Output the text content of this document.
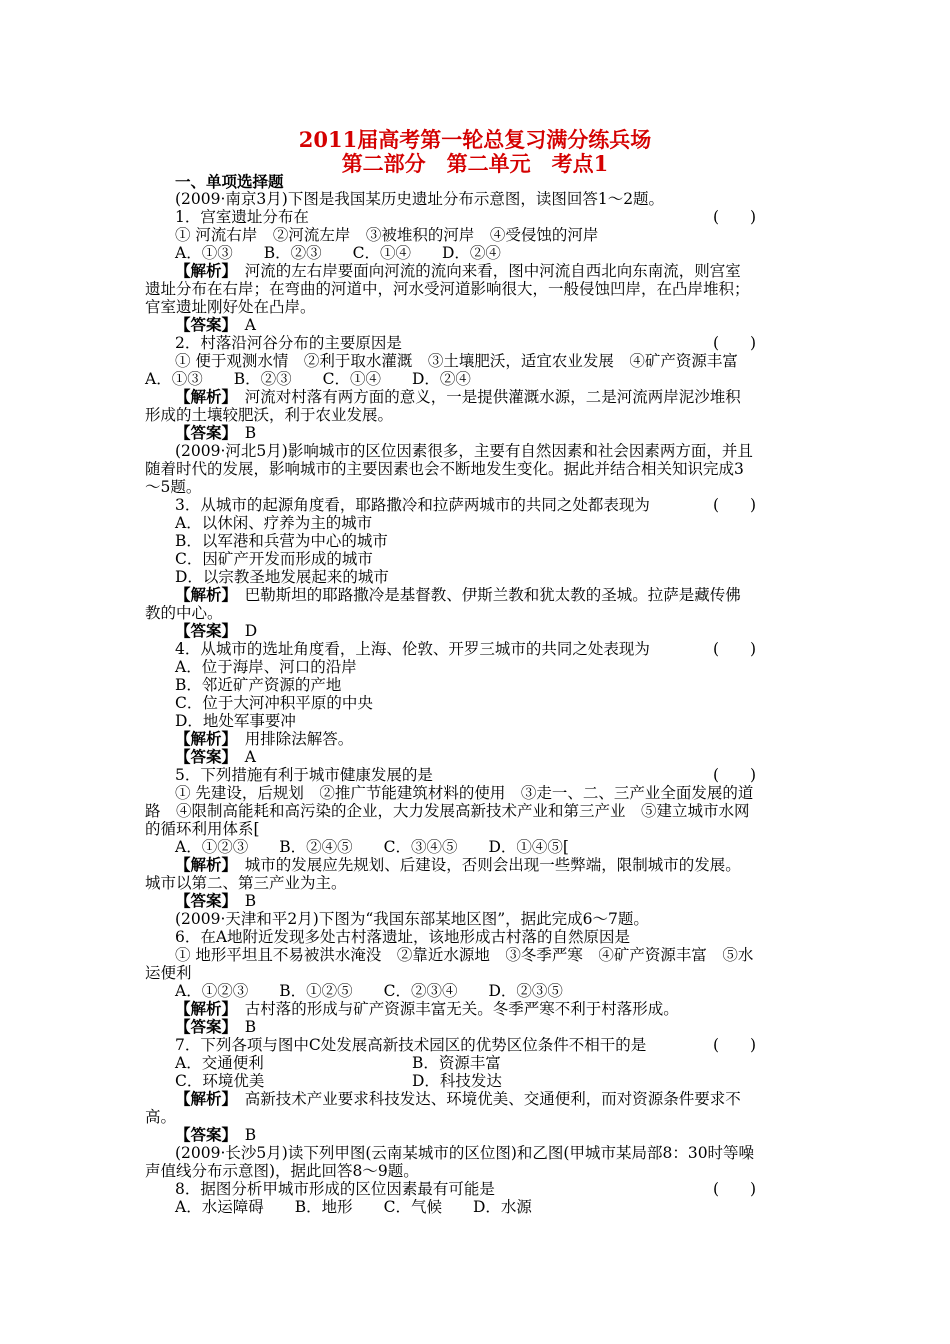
2011届高考第一轮总复习满分练兵场
第二部分　第二单元　考点1
一、单项选择题
(2009·南京3月)下图是我国某历史遗址分布示意图，读图回答1～2题。
1．宫室遗址分布在	(　　)
① 河流右岸　②河流左岸　③被堆积的河岸　④受侵蚀的河岸
A．①③　　B．②③　　C．①④　　D．②④
【解析】　河流的左右岸要面向河流的流向来看，图中河流自西北向东南流，则宫室
遗址分布在右岸；在弯曲的河道中，河水受河道影响很大，一般侵蚀凹岸，在凸岸堆积；
官室遗址刚好处在凸岸。
【答案】　A
2．村落沿河谷分布的主要原因是	(　　)
① 便于观测水情　②利于取水灌溉　③土壤肥沃，适宜农业发展　④矿产资源丰富
A．①③　　B．②③　　C．①④　　D．②④
【解析】　河流对村落有两方面的意义，一是提供灌溉水源，二是河流两岸泥沙堆积
形成的土壤较肥沃，利于农业发展。
【答案】　B
(2009·河北5月)影响城市的区位因素很多，主要有自然因素和社会因素两方面，并且
随着时代的发展，影响城市的主要因素也会不断地发生变化。据此并结合相关知识完成3
～5题。
3．从城市的起源角度看，耶路撒冷和拉萨两城市的共同之处都表现为	(　　)
A．以休闲、疗养为主的城市
B．以军港和兵营为中心的城市
C．因矿产开发而形成的城市
D．以宗教圣地发展起来的城市
【解析】　巴勒斯坦的耶路撒冷是基督教、伊斯兰教和犹太教的圣城。拉萨是藏传佛
教的中心。
【答案】　D
4．从城市的选址角度看，上海、伦敦、开罗三城市的共同之处表现为	(　　)
A．位于海岸、河口的沿岸
B．邻近矿产资源的产地
C．位于大河冲积平原的中央
D．地处军事要冲
【解析】　用排除法解答。
【答案】　A
5．下列措施有利于城市健康发展的是	(　　)
① 先建设，后规划　②推广节能建筑材料的使用　③走一、二、三产业全面发展的道
路　④限制高能耗和高污染的企业，大力发展高新技术产业和第三产业　⑤建立城市水网
的循环利用体系[
A．①②③　　B．②④⑤　　C．③④⑤　　D．①④⑤[
【解析】　城市的发展应先规划、后建设，否则会出现一些弊端，限制城市的发展。
城市以第二、第三产业为主。
【答案】　B
(2009·天津和平2月)下图为“我国东部某地区图”，据此完成6～7题。
6．在A地附近发现多处古村落遗址，该地形成古村落的自然原因是
① 地形平坦且不易被洪水淹没　②靠近水源地　③冬季严寒　④矿产资源丰富　⑤水
运便利
A．①②③　　B．①②⑤　　C．②③④　　D．②③⑤
【解析】　古村落的形成与矿产资源丰富无关。冬季严寒不利于村落形成。
【答案】　B
7．下列各项与图中C处发展高新技术园区的优势区位条件不相干的是	(　　)
A．交通便利	B．资源丰富
C．环境优美	D．科技发达
【解析】　高新技术产业要求科技发达、环境优美、交通便利，而对资源条件要求不
高。
【答案】　B
(2009·长沙5月)读下列甲图(云南某城市的区位图)和乙图(甲城市某局部8：30时等噪
声值线分布示意图)，据此回答8～9题。
8．据图分析甲城市形成的区位因素最有可能是	(　　)
A．水运障碍　　B．地形　　C．气候　　D．水源
